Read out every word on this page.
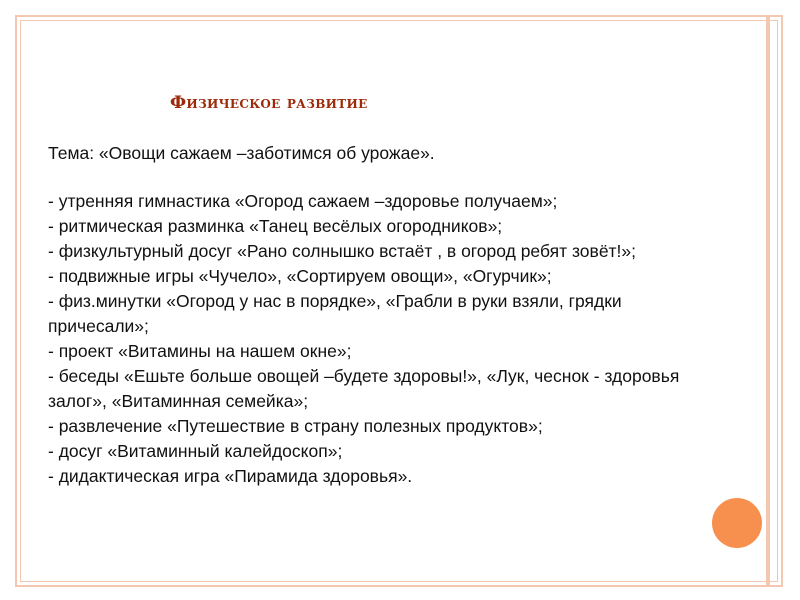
Физическое развитие

Тема: «Овощи сажаем –заботимся об урожае».

- утренняя гимнастика «Огород сажаем –здоровье получаем»;

- ритмическая разминка «Танец весёлых огородников»;

- физкультурный досуг «Рано солнышко встаёт , в огород ребят зовёт!»;

- подвижные игры «Чучело», «Сортируем овощи», «Огурчик»;

- физ.минутки «Огород у нас в порядке», «Грабли в руки взяли, грядки причесали»;

- проект «Витамины на нашем окне»;

- беседы «Ешьте больше овощей –будете здоровы!», «Лук, чеснок - здоровья залог», «Витаминная семейка»;

- развлечение «Путешествие в страну полезных продуктов»;

- досуг «Витаминный калейдоскоп»;

- дидактическая игра «Пирамида здоровья».
